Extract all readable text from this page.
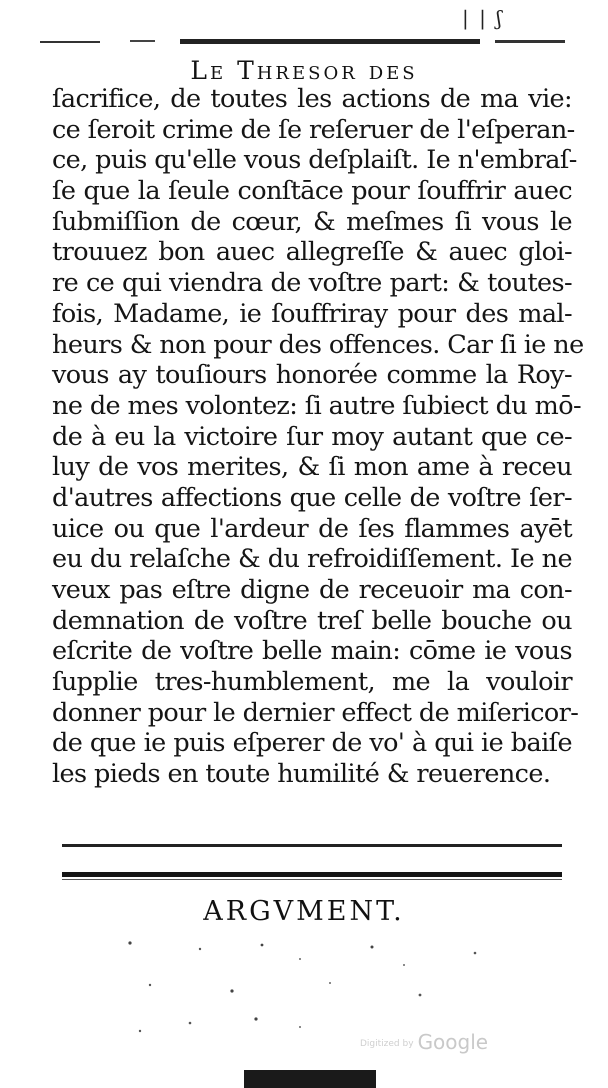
| | ʃ
Le Thresor des
ſacrifice, de toutes les actions de ma vie:
ce ſeroit crime de ſe reſeruer de l'eſperan-
ce, puis qu'elle vous deſplaiſt. Ie n'embraſ-
ſe que la ſeule conſtāce pour ſouffrir auec
ſubmiſſion de cœur, & meſmes ſi vous le
trouuez bon auec allegreſſe & auec gloi-
re ce qui viendra de voſtre part: & toutes-
fois, Madame, ie ſouffriray pour des mal-
heurs & non pour des offences. Car ſi ie ne
vous ay touſiours honorée comme la Roy-
ne de mes volontez: ſi autre ſubiect du mō-
de à eu la victoire ſur moy autant que ce-
luy de vos merites, & ſi mon ame à receu
d'autres affections que celle de voſtre ſer-
uice ou que l'ardeur de ſes flammes ayēt
eu du relaſche & du refroidiſſement. Ie ne
veux pas eſtre digne de receuoir ma con-
demnation de voſtre treſ belle bouche ou
eſcrite de voſtre belle main: cōme ie vous
ſupplie tres-humblement, me la vouloir
donner pour le dernier effect de miſericor-
de que ie puis eſperer de vo' à qui ie baiſe
les pieds en toute humilité & reuerence.
ARGVMENT.
Digitized by Google
